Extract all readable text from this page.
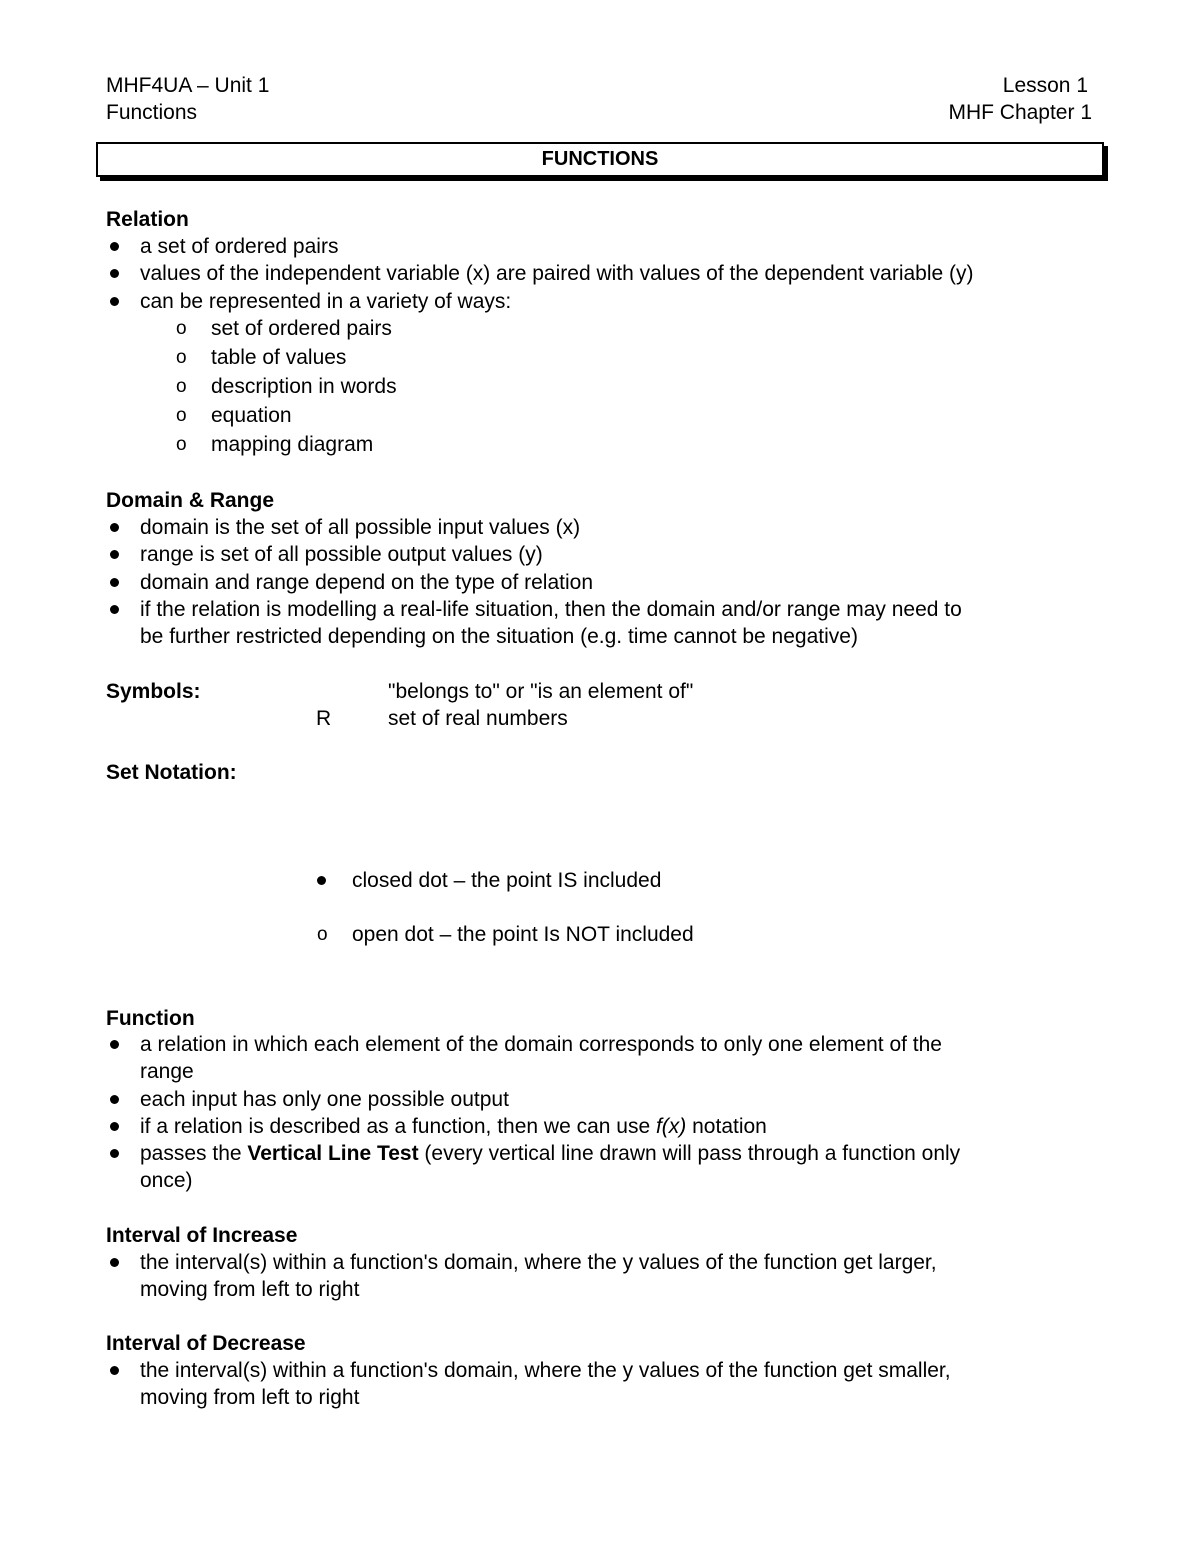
MHF4UA – Unit 1
Functions
Lesson 1
MHF Chapter 1
FUNCTIONS
Relation
a set of ordered pairs
values of the independent variable (x) are paired with values of the dependent variable (y)
can be represented in a variety of ways:
o set of ordered pairs
o table of values
o description in words
o equation
o mapping diagram
Domain & Range
domain is the set of all possible input values (x)
range is set of all possible output values (y)
domain and range depend on the type of relation
if the relation is modelling a real-life situation, then the domain and/or range may need to
be further restricted depending on the situation (e.g. time cannot be negative)
Symbols:	"belongs to" or "is an element of"
R	set of real numbers
Set Notation:
closed dot – the point IS included
o open dot – the point Is NOT included
Function
a relation in which each element of the domain corresponds to only one element of the
range
each input has only one possible output
if a relation is described as a function, then we can use f(x) notation
passes the Vertical Line Test (every vertical line drawn will pass through a function only
once)
Interval of Increase
the interval(s) within a function's domain, where the y values of the function get larger,
moving from left to right
Interval of Decrease
the interval(s) within a function's domain, where the y values of the function get smaller,
moving from left to right
